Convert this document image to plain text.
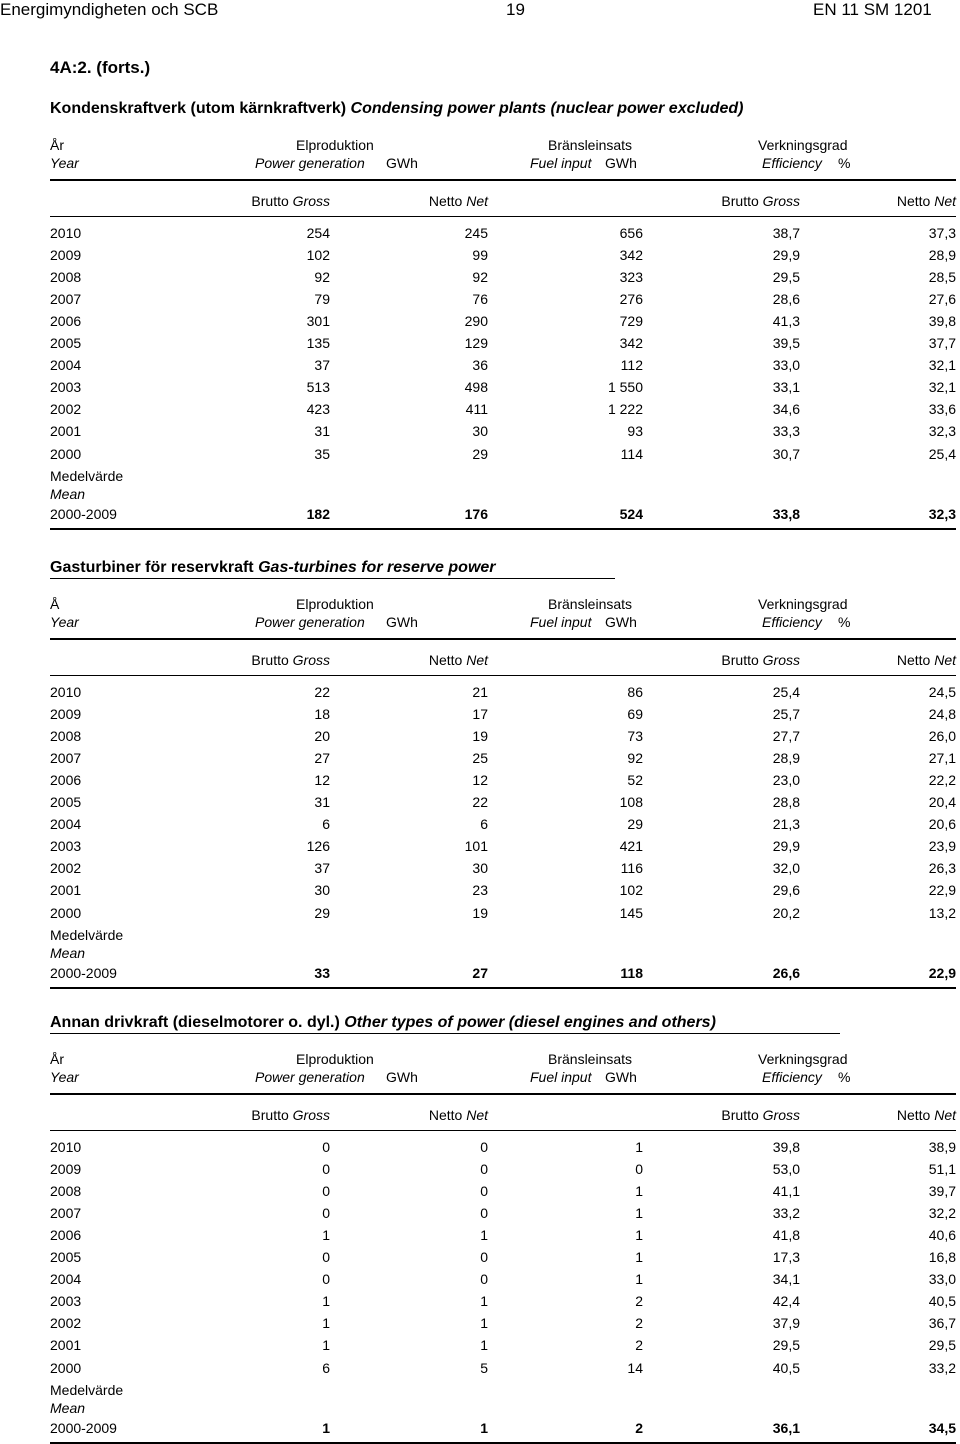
Energimyndigheten och SCB	19	EN 11 SM 1201
4A:2. (forts.)
Kondenskraftverk (utom kärnkraftverk) Condensing power plants (nuclear power excluded)
År
Year
Elproduktion
Power generation GWh
Bränsleinsats
Fuel input GWh
Verkningsgrad
Efficiency %
Brutto Gross	Netto Net	Brutto Gross	Netto Net
2010	254	245	656	38,7	37,3
2009	102	99	342	29,9	28,9
2008	92	92	323	29,5	28,5
2007	79	76	276	28,6	27,6
2006	301	290	729	41,3	39,8
2005	135	129	342	39,5	37,7
2004	37	36	112	33,0	32,1
2003	513	498	1 550	33,1	32,1
2002	423	411	1 222	34,6	33,6
2001	31	30	93	33,3	32,3
2000	35	29	114	30,7	25,4
Medelvärde
Mean
2000-2009	182	176	524	33,8	32,3
Gasturbiner för reservkraft Gas-turbines for reserve power
Å
Year
Elproduktion
Power generation GWh
Bränsleinsats
Fuel input GWh
Verkningsgrad
Efficiency %
Brutto Gross	Netto Net	Brutto Gross	Netto Net
2010	22	21	86	25,4	24,5
2009	18	17	69	25,7	24,8
2008	20	19	73	27,7	26,0
2007	27	25	92	28,9	27,1
2006	12	12	52	23,0	22,2
2005	31	22	108	28,8	20,4
2004	6	6	29	21,3	20,6
2003	126	101	421	29,9	23,9
2002	37	30	116	32,0	26,3
2001	30	23	102	29,6	22,9
2000	29	19	145	20,2	13,2
Medelvärde
Mean
2000-2009	33	27	118	26,6	22,9
Annan drivkraft (dieselmotorer o. dyl.) Other types of power (diesel engines and others)
År
Year
Elproduktion
Power generation GWh
Bränsleinsats
Fuel input GWh
Verkningsgrad
Efficiency %
Brutto Gross	Netto Net	Brutto Gross	Netto Net
2010	0	0	1	39,8	38,9
2009	0	0	0	53,0	51,1
2008	0	0	1	41,1	39,7
2007	0	0	1	33,2	32,2
2006	1	1	1	41,8	40,6
2005	0	0	1	17,3	16,8
2004	0	0	1	34,1	33,0
2003	1	1	2	42,4	40,5
2002	1	1	2	37,9	36,7
2001	1	1	2	29,5	29,5
2000	6	5	14	40,5	33,2
Medelvärde
Mean
2000-2009	1	1	2	36,1	34,5
